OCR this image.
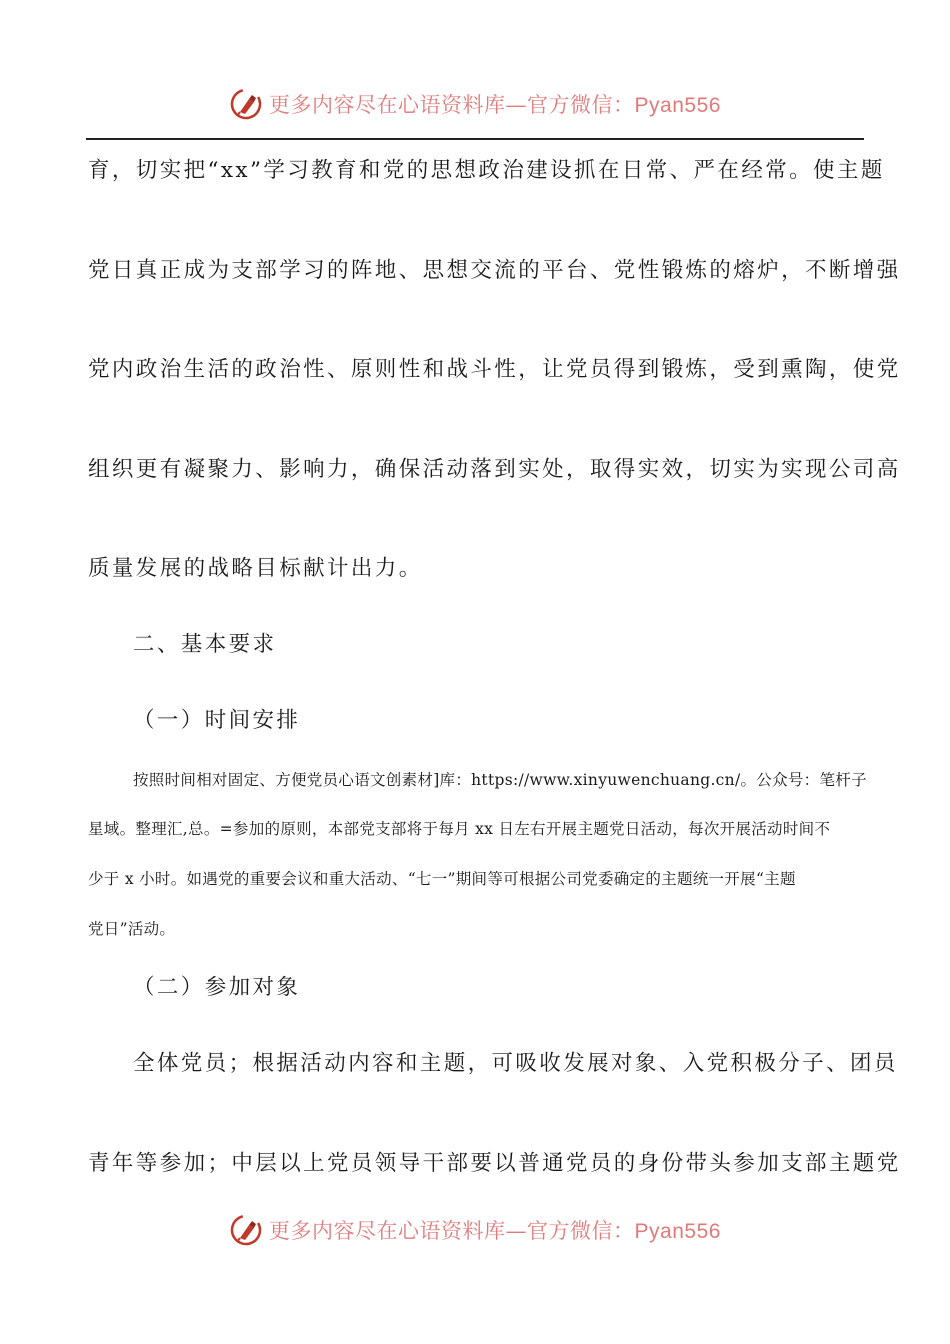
更多内容尽在心语资料库—官方微信：Pyan556
育，切实把“xx”学习教育和党的思想政治建设抓在日常、严在经常。使主题
党日真正成为支部学习的阵地、思想交流的平台、党性锻炼的熔炉，不断增强
党内政治生活的政治性、原则性和战斗性，让党员得到锻炼，受到熏陶，使党
组织更有凝聚力、影响力，确保活动落到实处，取得实效，切实为实现公司高
质量发展的战略目标献计出力。
二、基本要求
（一）时间安排
按照时间相对固定、方便党员心语文创素材]库：https://www.xinyuwenchuang.cn/。公众号：笔杆子
星域。整理汇,总。=参加的原则，本部党支部将于每月 xx 日左右开展主题党日活动，每次开展活动时间不
少于 x 小时。如遇党的重要会议和重大活动、“七一”期间等可根据公司党委确定的主题统一开展“主题
党日”活动。
（二）参加对象
全体党员；根据活动内容和主题，可吸收发展对象、入党积极分子、团员
青年等参加；中层以上党员领导干部要以普通党员的身份带头参加支部主题党
更多内容尽在心语资料库—官方微信：Pyan556
